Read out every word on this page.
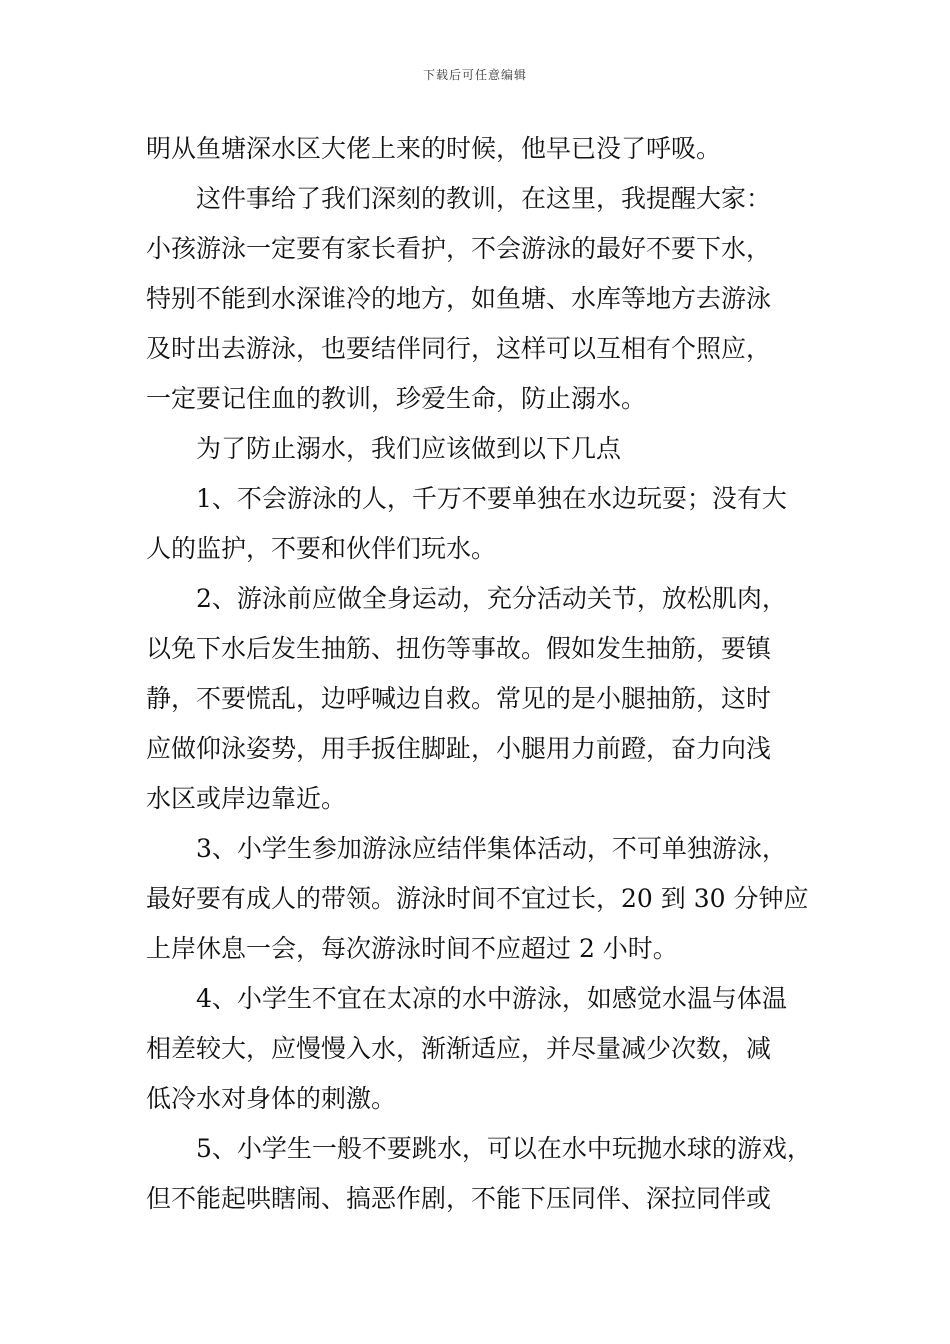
下载后可任意编辑
明从鱼塘深水区大佬上来的时候，他早已没了呼吸。
这件事给了我们深刻的教训，在这里，我提醒大家：
小孩游泳一定要有家长看护，不会游泳的最好不要下水，
特别不能到水深谁冷的地方，如鱼塘、水库等地方去游泳
及时出去游泳，也要结伴同行，这样可以互相有个照应，
一定要记住血的教训，珍爱生命，防止溺水。
为了防止溺水，我们应该做到以下几点
1、不会游泳的人，千万不要单独在水边玩耍；没有大
人的监护，不要和伙伴们玩水。
2、游泳前应做全身运动，充分活动关节，放松肌肉，
以免下水后发生抽筋、扭伤等事故。假如发生抽筋，要镇
静，不要慌乱，边呼喊边自救。常见的是小腿抽筋，这时
应做仰泳姿势，用手扳住脚趾，小腿用力前蹬，奋力向浅
水区或岸边靠近。
3、小学生参加游泳应结伴集体活动，不可单独游泳，
最好要有成人的带领。游泳时间不宜过长，20 到 30 分钟应
上岸休息一会，每次游泳时间不应超过 2 小时。
4、小学生不宜在太凉的水中游泳，如感觉水温与体温
相差较大，应慢慢入水，渐渐适应，并尽量减少次数，减
低冷水对身体的刺激。
5、小学生一般不要跳水，可以在水中玩抛水球的游戏，
但不能起哄瞎闹、搞恶作剧，不能下压同伴、深拉同伴或
